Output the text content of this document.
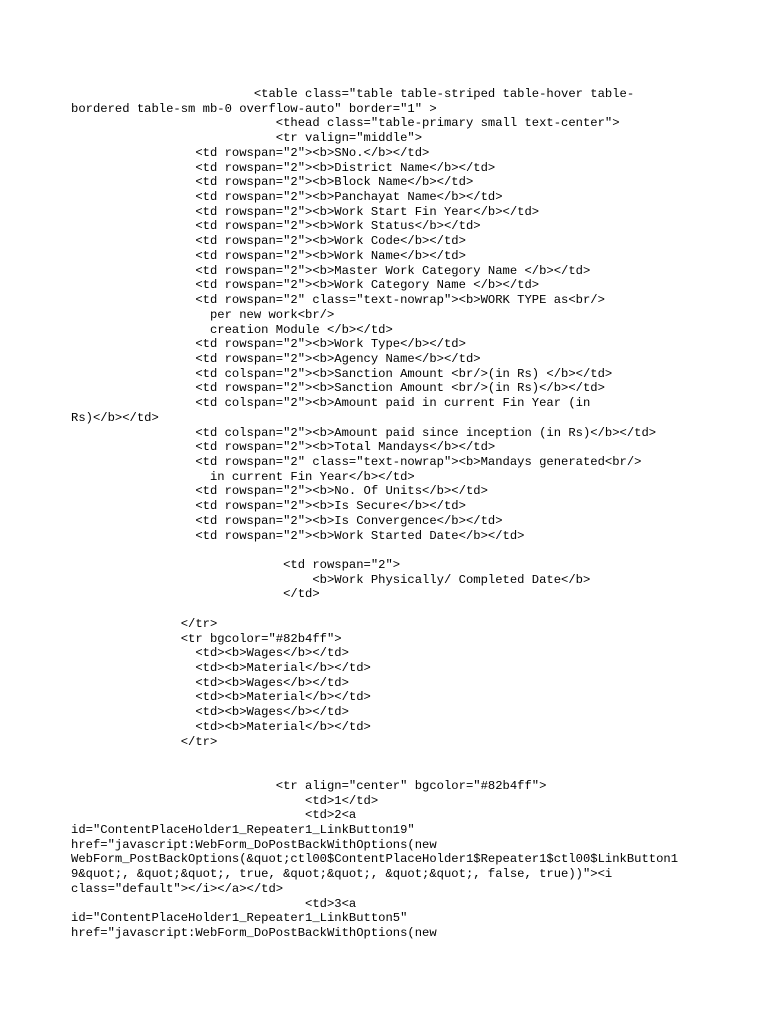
<table class="table table-striped table-hover table-
bordered table-sm mb-0 overflow-auto" border="1" >
<thead class="table-primary small text-center">
<tr valign="middle">
<td rowspan="2"><b>SNo.</b></td>
<td rowspan="2"><b>District Name</b></td>
<td rowspan="2"><b>Block Name</b></td>
<td rowspan="2"><b>Panchayat Name</b></td>
<td rowspan="2"><b>Work Start Fin Year</b></td>
<td rowspan="2"><b>Work Status</b></td>
<td rowspan="2"><b>Work Code</b></td>
<td rowspan="2"><b>Work Name</b></td>
<td rowspan="2"><b>Master Work Category Name </b></td>
<td rowspan="2"><b>Work Category Name </b></td>
<td rowspan="2" class="text-nowrap"><b>WORK TYPE as<br/>
per new work<br/>
creation Module </b></td>
<td rowspan="2"><b>Work Type</b></td>
<td rowspan="2"><b>Agency Name</b></td>
<td colspan="2"><b>Sanction Amount <br/>(in Rs) </b></td>
<td rowspan="2"><b>Sanction Amount <br/>(in Rs)</b></td>
<td colspan="2"><b>Amount paid in current Fin Year (in
Rs)</b></td>
<td colspan="2"><b>Amount paid since inception (in Rs)</b></td>
<td rowspan="2"><b>Total Mandays</b></td>
<td rowspan="2" class="text-nowrap"><b>Mandays generated<br/>
in current Fin Year</b></td>
<td rowspan="2"><b>No. Of Units</b></td>
<td rowspan="2"><b>Is Secure</b></td>
<td rowspan="2"><b>Is Convergence</b></td>
<td rowspan="2"><b>Work Started Date</b></td>
<td rowspan="2">
<b>Work Physically/ Completed Date</b>
</td>
</tr>
<tr bgcolor="#82b4ff">
<td><b>Wages</b></td>
<td><b>Material</b></td>
<td><b>Wages</b></td>
<td><b>Material</b></td>
<td><b>Wages</b></td>
<td><b>Material</b></td>
</tr>
<tr align="center" bgcolor="#82b4ff">
<td>1</td>
<td>2<a
id="ContentPlaceHolder1_Repeater1_LinkButton19"
href="javascript:WebForm_DoPostBackWithOptions(new
WebForm_PostBackOptions(&quot;ctl00$ContentPlaceHolder1$Repeater1$ctl00$LinkButton1
9&quot;, &quot;&quot;, true, &quot;&quot;, &quot;&quot;, false, true))"><i
class="default"></i></a></td>
<td>3<a
id="ContentPlaceHolder1_Repeater1_LinkButton5"
href="javascript:WebForm_DoPostBackWithOptions(new
